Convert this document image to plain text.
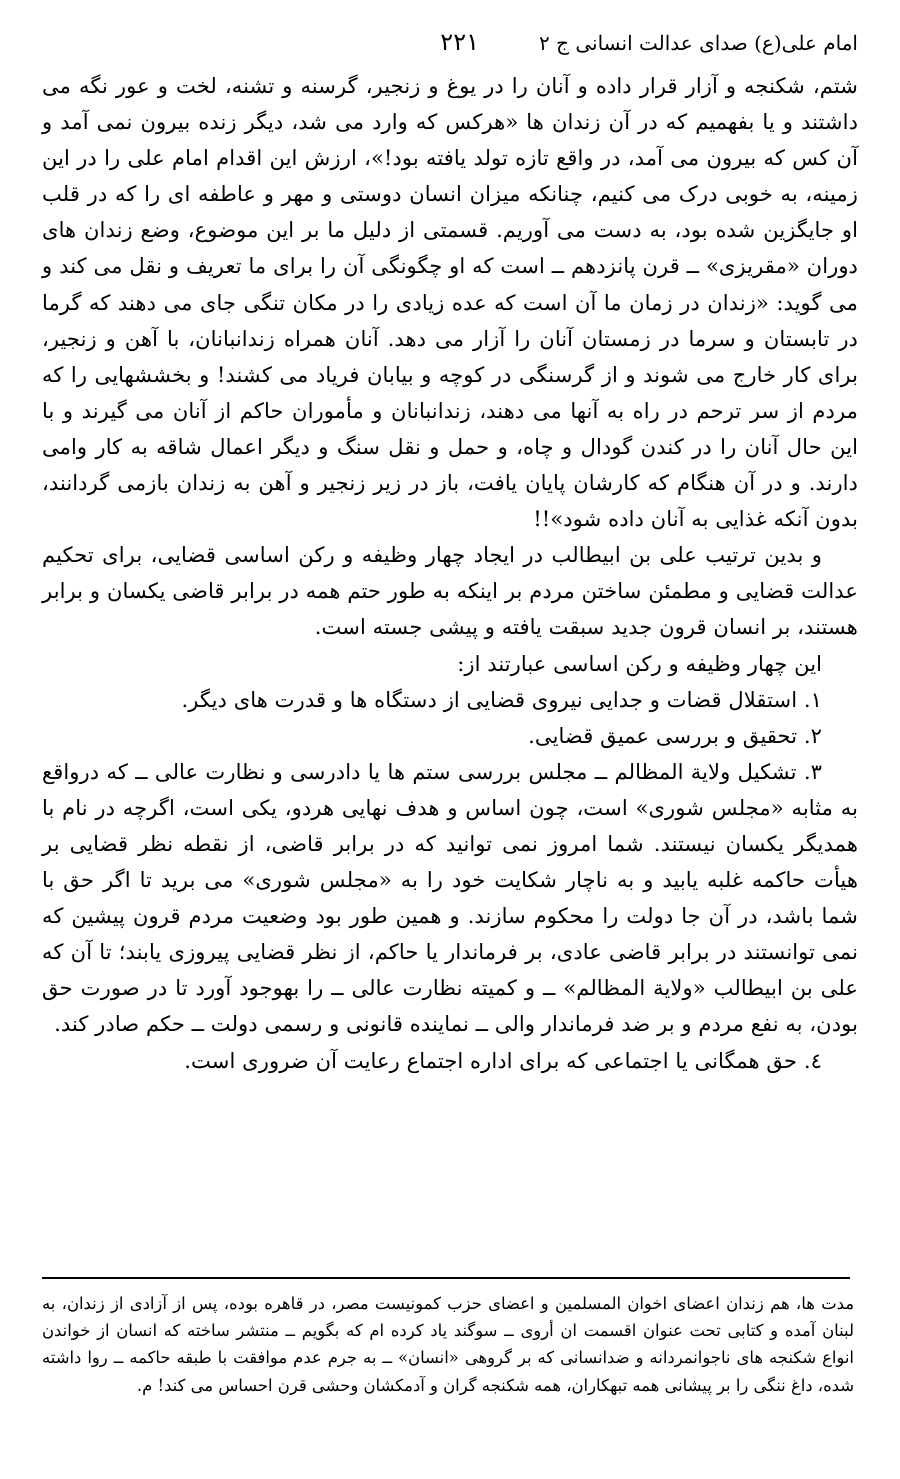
امام علی(ع) صدای عدالت انسانی ج ۲
۲۲۱

شتم، شکنجه و آزار قرار داده و آنان را در یوغ و زنجیر، گرسنه و تشنه، لخت و عور نگه می داشتند و یا بفهمیم که در آن زندان ها «هرکس که وارد می شد، دیگر زنده بیرون نمی آمد و آن کس که بیرون می آمد، در واقع تازه تولد یافته بود!»، ارزش این اقدام امام علی را در این زمینه، به خوبی درک می کنیم، چنانکه میزان انسان دوستی و مهر و عاطفه ای را که در قلب او جایگزین شده بود، به دست می آوریم. قسمتی از دلیل ما بر این موضوع، وضع زندان های دوران «مقریزی» ــ قرن پانزدهم ــ است که او چگونگی آن را برای ما تعریف و نقل می کند و می گوید: «زندان در زمان ما آن است که عده زیادی را در مکان تنگی جای می دهند که گرما در تابستان و سرما در زمستان آنان را آزار می دهد. آنان همراه زندانبانان، با آهن و زنجیر، برای کار خارج می شوند و از گرسنگی در کوچه و بیابان فریاد می کشند! و بخششهایی را که مردم از سر ترحم در راه به آنها می دهند، زندانبانان و مأموران حاکم از آنان می گیرند و با این حال آنان را در کندن گودال و چاه، و حمل و نقل سنگ و دیگر اعمال شاقه به کار وامی دارند. و در آن هنگام که کارشان پایان یافت، باز در زیر زنجیر و آهن به زندان بازمی گردانند، بدون آنکه غذایی به آنان داده شود»!!

و بدین ترتیب علی بن ابیطالب در ایجاد چهار وظیفه و رکن اساسی قضایی، برای تحکیم عدالت قضایی و مطمئن ساختن مردم بر اینکه به طور حتم همه در برابر قاضی یکسان و برابر هستند، بر انسان قرون جدید سبقت یافته و پیشی جسته است.

این چهار وظیفه و رکن اساسی عبارتند از:

۱. استقلال قضات و جدایی نیروی قضایی از دستگاه ها و قدرت های دیگر.

۲. تحقیق و بررسی عمیق قضایی.

۳. تشکیل ولایة المظالم ــ مجلس بررسی ستم ها یا دادرسی و نظارت عالی ــ که درواقع به مثابه «مجلس شوری» است، چون اساس و هدف نهایی هردو، یکی است، اگرچه در نام با همدیگر یکسان نیستند. شما امروز نمی توانید که در برابر قاضی، از نقطه نظر قضایی بر هیأت حاکمه غلبه یابید و به ناچار شکایت خود را به «مجلس شوری» می برید تا اگر حق با شما باشد، در آن جا دولت را محکوم سازند. و همین طور بود وضعیت مردم قرون پیشین که نمی توانستند در برابر قاضی عادی، بر فرماندار یا حاکم، از نظر قضایی پیروزی یابند؛ تا آن که علی بن ابیطالب «ولایة المظالم» ــ و کمیته نظارت عالی ــ را بهوجود آورد تا در صورت حق بودن، به نفع مردم و بر ضد فرماندار والی ــ نماینده قانونی و رسمی دولت ــ حکم صادر کند.

٤. حق همگانی یا اجتماعی که برای اداره اجتماع رعایت آن ضروری است.

مدت ها، هم زندان اعضای اخوان المسلمین و اعضای حزب کمونیست مصر، در قاهره بوده، پس از آزادی از زندان، به لبنان آمده و کتابی تحت عنوان اقسمت ان أروی ــ سوگند یاد کرده ام که بگویم ــ منتشر ساخته که انسان از خواندن انواع شکنجه های ناجوانمردانه و ضدانسانی که بر گروهی «انسان» ــ به جرم عدم موافقت با طبقه حاکمه ــ روا داشته شده، داغ ننگی را بر پیشانی همه تبهکاران، همه شکنجه گران و آدمکشان وحشی قرن احساس می کند! م.
